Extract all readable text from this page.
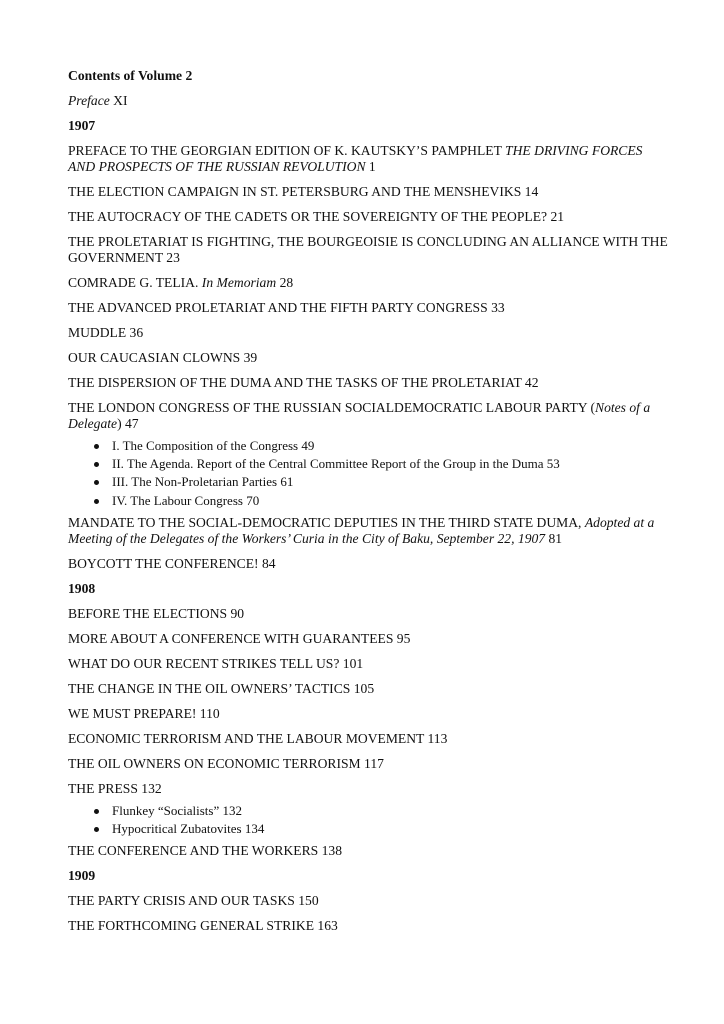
Contents of Volume 2
Preface XI
1907
PREFACE TO THE GEORGIAN EDITION OF K. KAUTSKY’S PAMPHLET THE DRIVING FORCES AND PROSPECTS OF THE RUSSIAN REVOLUTION 1
THE ELECTION CAMPAIGN IN ST. PETERSBURG AND THE MENSHEVIKS 14
THE AUTOCRACY OF THE CADETS OR THE SOVEREIGNTY OF THE PEOPLE? 21
THE PROLETARIAT IS FIGHTING, THE BOURGEOISIE IS CONCLUDING AN ALLIANCE WITH THE GOVERNMENT 23
COMRADE G. TELIA. In Memoriam 28
THE ADVANCED PROLETARIAT AND THE FIFTH PARTY CONGRESS 33
MUDDLE 36
OUR CAUCASIAN CLOWNS 39
THE DISPERSION OF THE DUMA AND THE TASKS OF THE PROLETARIAT 42
THE LONDON CONGRESS OF THE RUSSIAN SOCIALDEMOCRATIC LABOUR PARTY (Notes of a Delegate) 47
I. The Composition of the Congress 49
II. The Agenda. Report of the Central Committee Report of the Group in the Duma 53
III. The Non-Proletarian Parties 61
IV. The Labour Congress 70
MANDATE TO THE SOCIAL-DEMOCRATIC DEPUTIES IN THE THIRD STATE DUMA, Adopted at a Meeting of the Delegates of the Workers’ Curia in the City of Baku, September 22, 1907 81
BOYCOTT THE CONFERENCE! 84
1908
BEFORE THE ELECTIONS 90
MORE ABOUT A CONFERENCE WITH GUARANTEES 95
WHAT DO OUR RECENT STRIKES TELL US? 101
THE CHANGE IN THE OIL OWNERS’ TACTICS 105
WE MUST PREPARE! 110
ECONOMIC TERRORISM AND THE LABOUR MOVEMENT 113
THE OIL OWNERS ON ECONOMIC TERRORISM 117
THE PRESS 132
Flunkey “Socialists” 132
Hypocritical Zubatovites 134
THE CONFERENCE AND THE WORKERS 138
1909
THE PARTY CRISIS AND OUR TASKS 150
THE FORTHCOMING GENERAL STRIKE 163
